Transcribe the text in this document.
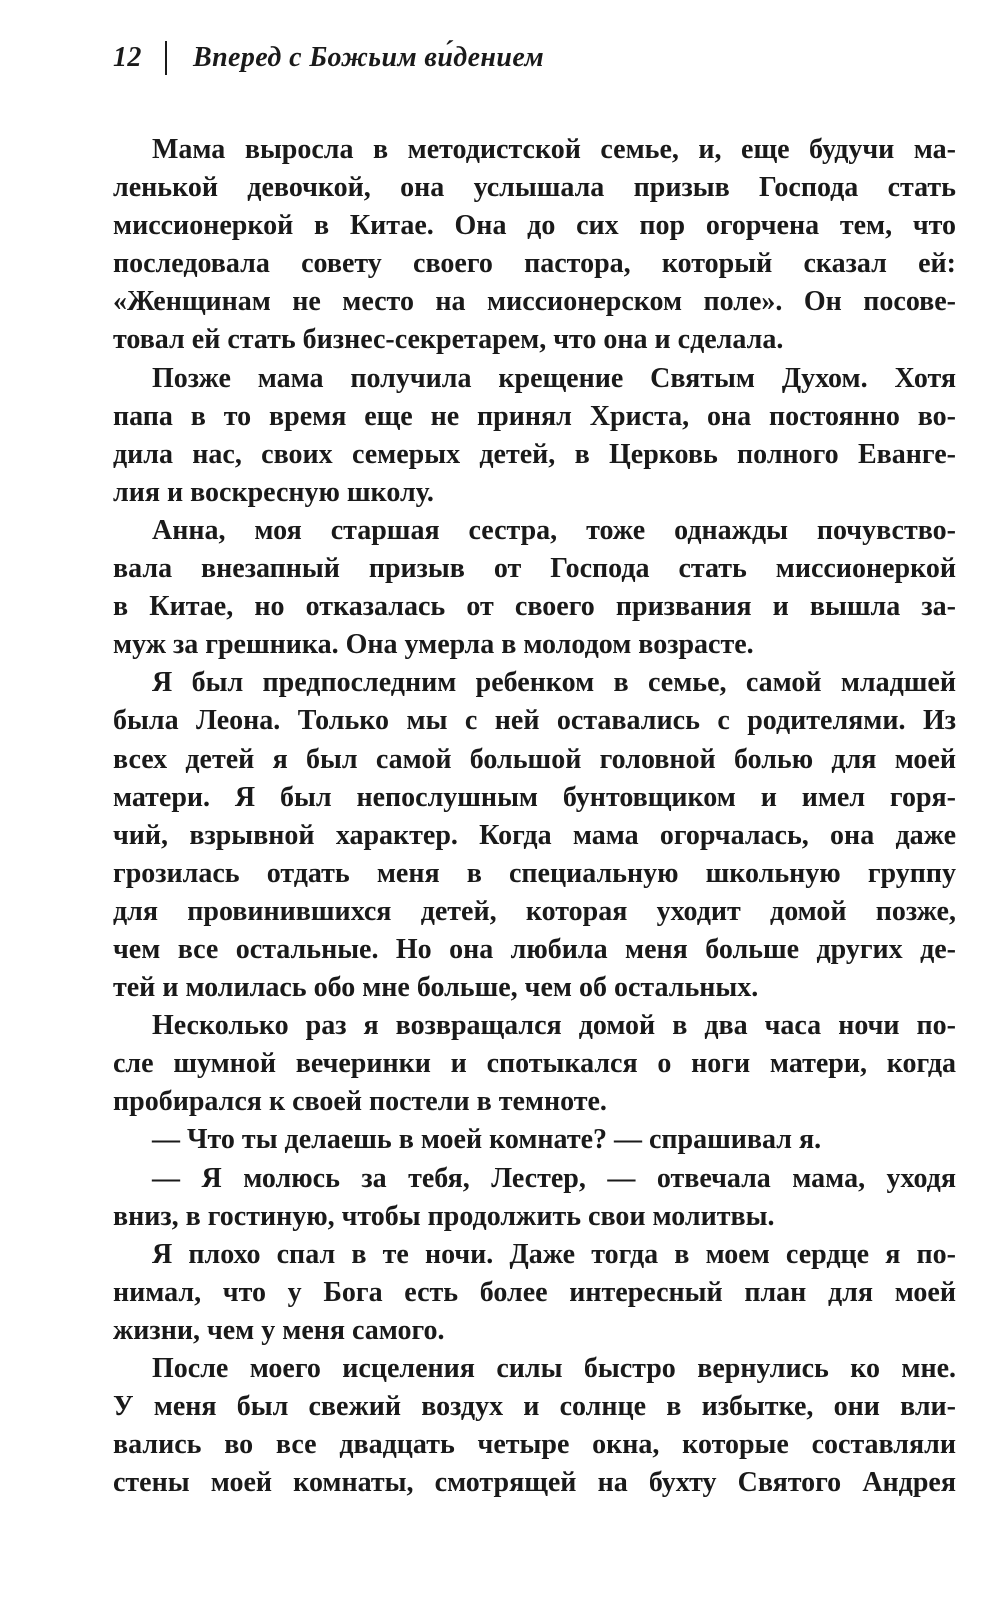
12	Вперед с Божьим ви́дением
Мама выросла в методистской семье, и, еще будучи ма-
ленькой девочкой, она услышала призыв Господа стать
миссионеркой в Китае. Она до сих пор огорчена тем, что
последовала совету своего пастора, который сказал ей:
«Женщинам не место на миссионерском поле». Он посове-
товал ей стать бизнес-секретарем, что она и сделала.
Позже мама получила крещение Святым Духом. Хотя
папа в то время еще не принял Христа, она постоянно во-
дила нас, своих семерых детей, в Церковь полного Еванге-
лия и воскресную школу.
Анна, моя старшая сестра, тоже однажды почувство-
вала внезапный призыв от Господа стать миссионеркой
в Китае, но отказалась от своего призвания и вышла за-
муж за грешника. Она умерла в молодом возрасте.
Я был предпоследним ребенком в семье, самой младшей
была Леона. Только мы с ней оставались с родителями. Из
всех детей я был самой большой головной болью для моей
матери. Я был непослушным бунтовщиком и имел горя-
чий, взрывной характер. Когда мама огорчалась, она даже
грозилась отдать меня в специальную школьную группу
для провинившихся детей, которая уходит домой позже,
чем все остальные. Но она любила меня больше других де-
тей и молилась обо мне больше, чем об остальных.
Несколько раз я возвращался домой в два часа ночи по-
сле шумной вечеринки и спотыкался о ноги матери, когда
пробирался к своей постели в темноте.
— Что ты делаешь в моей комнате? — спрашивал я.
— Я молюсь за тебя, Лестер, — отвечала мама, уходя
вниз, в гостиную, чтобы продолжить свои молитвы.
Я плохо спал в те ночи. Даже тогда в моем сердце я по-
нимал, что у Бога есть более интересный план для моей
жизни, чем у меня самого.
После моего исцеления силы быстро вернулись ко мне.
У меня был свежий воздух и солнце в избытке, они вли-
вались во все двадцать четыре окна, которые составляли
стены моей комнаты, смотрящей на бухту Святого Андрея
